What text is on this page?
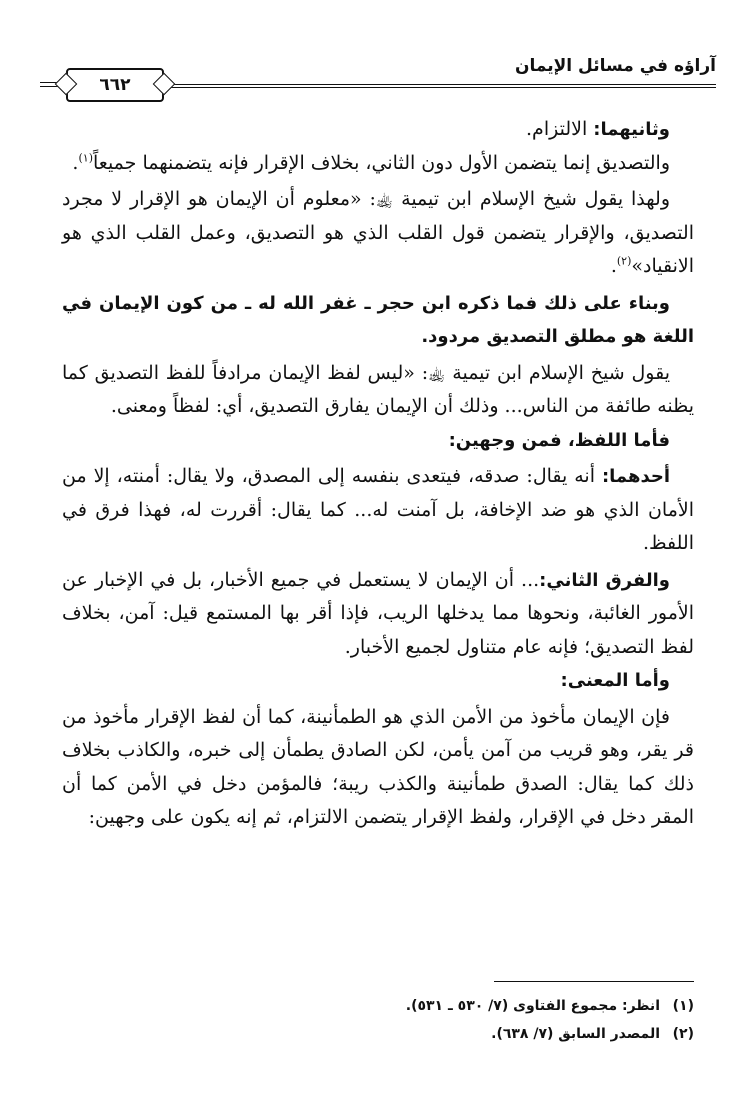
آراؤه في مسائل الإيمان
٦٦٢

وثانيهما: الالتزام.

والتصديق إنما يتضمن الأول دون الثاني، بخلاف الإقرار فإنه يتضمنهما جميعاً$^{(١)}$.

ولهذا يقول شيخ الإسلام ابن تيمية ﵀: «معلوم أن الإيمان هو الإقرار لا مجرد التصديق، والإقرار يتضمن قول القلب الذي هو التصديق، وعمل القلب الذي هو الانقياد»$^{(٢)}$.

وبناء على ذلك فما ذكره ابن حجر ـ غفر الله له ـ من كون الإيمان في اللغة هو مطلق التصديق مردود.

يقول شيخ الإسلام ابن تيمية ﵀: «ليس لفظ الإيمان مرادفاً للفظ التصديق كما يظنه طائفة من الناس... وذلك أن الإيمان يفارق التصديق، أي: لفظاً ومعنى.

فأما اللفظ، فمن وجهين:

أحدهما: أنه يقال: صدقه، فيتعدى بنفسه إلى المصدق، ولا يقال: أمنته، إلا من الأمان الذي هو ضد الإخافة، بل آمنت له... كما يقال: أقررت له، فهذا فرق في اللفظ.

والفرق الثاني:... أن الإيمان لا يستعمل في جميع الأخبار، بل في الإخبار عن الأمور الغائبة، ونحوها مما يدخلها الريب، فإذا أقر بها المستمع قيل: آمن، بخلاف لفظ التصديق؛ فإنه عام متناول لجميع الأخبار.

وأما المعنى:

فإن الإيمان مأخوذ من الأمن الذي هو الطمأنينة، كما أن لفظ الإقرار مأخوذ من قر يقر، وهو قريب من آمن يأمن، لكن الصادق يطمأن إلى خبره، والكاذب بخلاف ذلك كما يقال: الصدق طمأنينة والكذب ريبة؛ فالمؤمن دخل في الأمن كما أن المقر دخل في الإقرار، ولفظ الإقرار يتضمن الالتزام، ثم إنه يكون على وجهين:

(١)انظر: مجموع الفتاوى (٧/ ٥٣٠ ـ ٥٣١).

(٢)المصدر السابق (٧/ ٦٣٨).
